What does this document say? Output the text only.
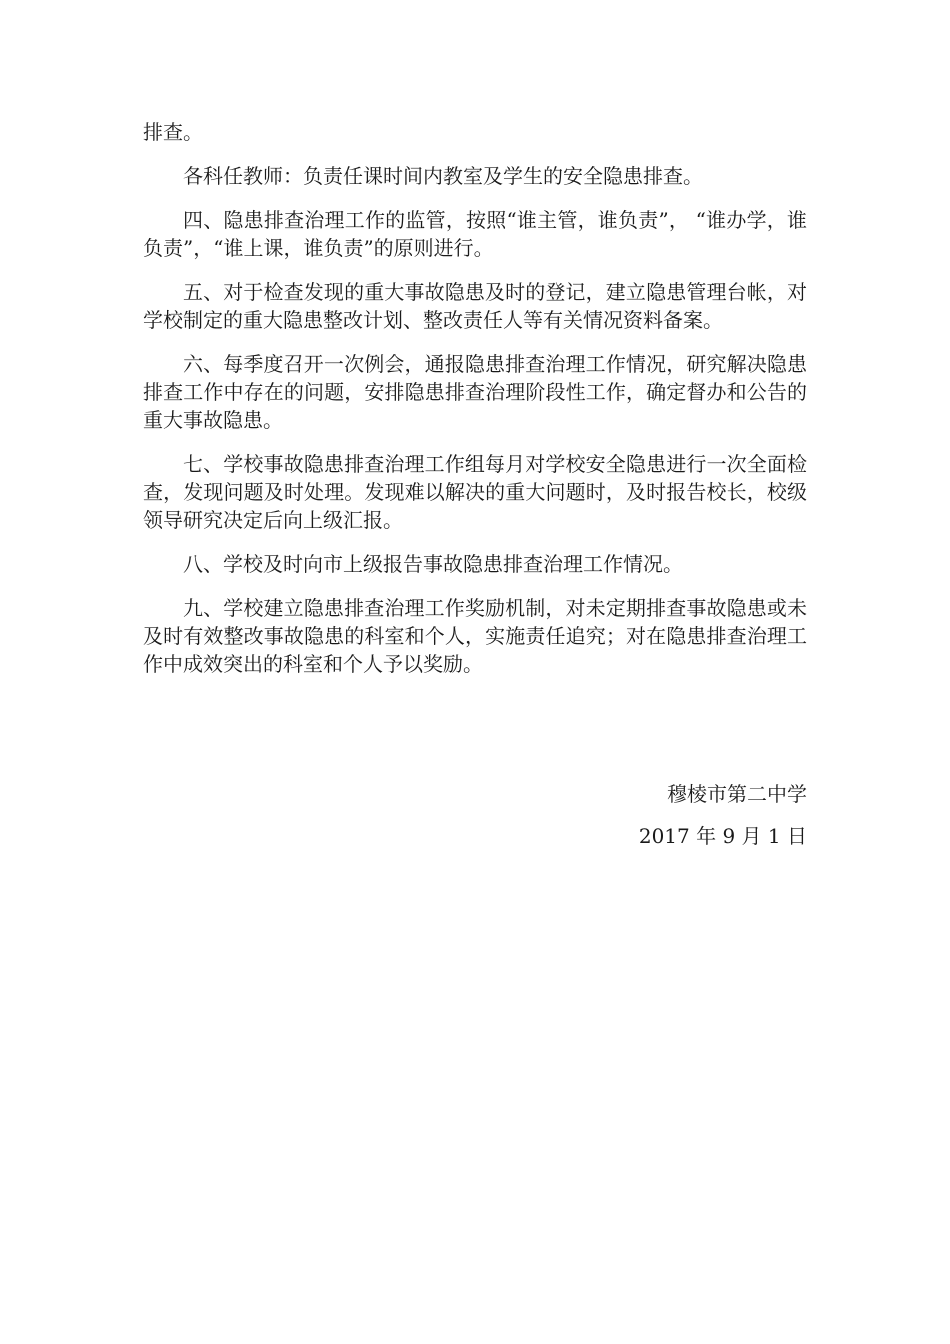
排查。

各科任教师：负责任课时间内教室及学生的安全隐患排查。

四、隐患排查治理工作的监管，按照“谁主管，谁负责”， “谁办学，谁负责”，“谁上课，谁负责”的原则进行。

五、对于检查发现的重大事故隐患及时的登记，建立隐患管理台帐，对学校制定的重大隐患整改计划、整改责任人等有关情况资料备案。

六、每季度召开一次例会，通报隐患排查治理工作情况，研究解决隐患排查工作中存在的问题，安排隐患排查治理阶段性工作，确定督办和公告的重大事故隐患。

七、学校事故隐患排查治理工作组每月对学校安全隐患进行一次全面检查，发现问题及时处理。发现难以解决的重大问题时，及时报告校长，校级领导研究决定后向上级汇报。

八、学校及时向市上级报告事故隐患排查治理工作情况。

九、学校建立隐患排查治理工作奖励机制，对未定期排查事故隐患或未及时有效整改事故隐患的科室和个人，实施责任追究；对在隐患排查治理工作中成效突出的科室和个人予以奖励。

穆棱市第二中学
2017 年 9 月 1 日
